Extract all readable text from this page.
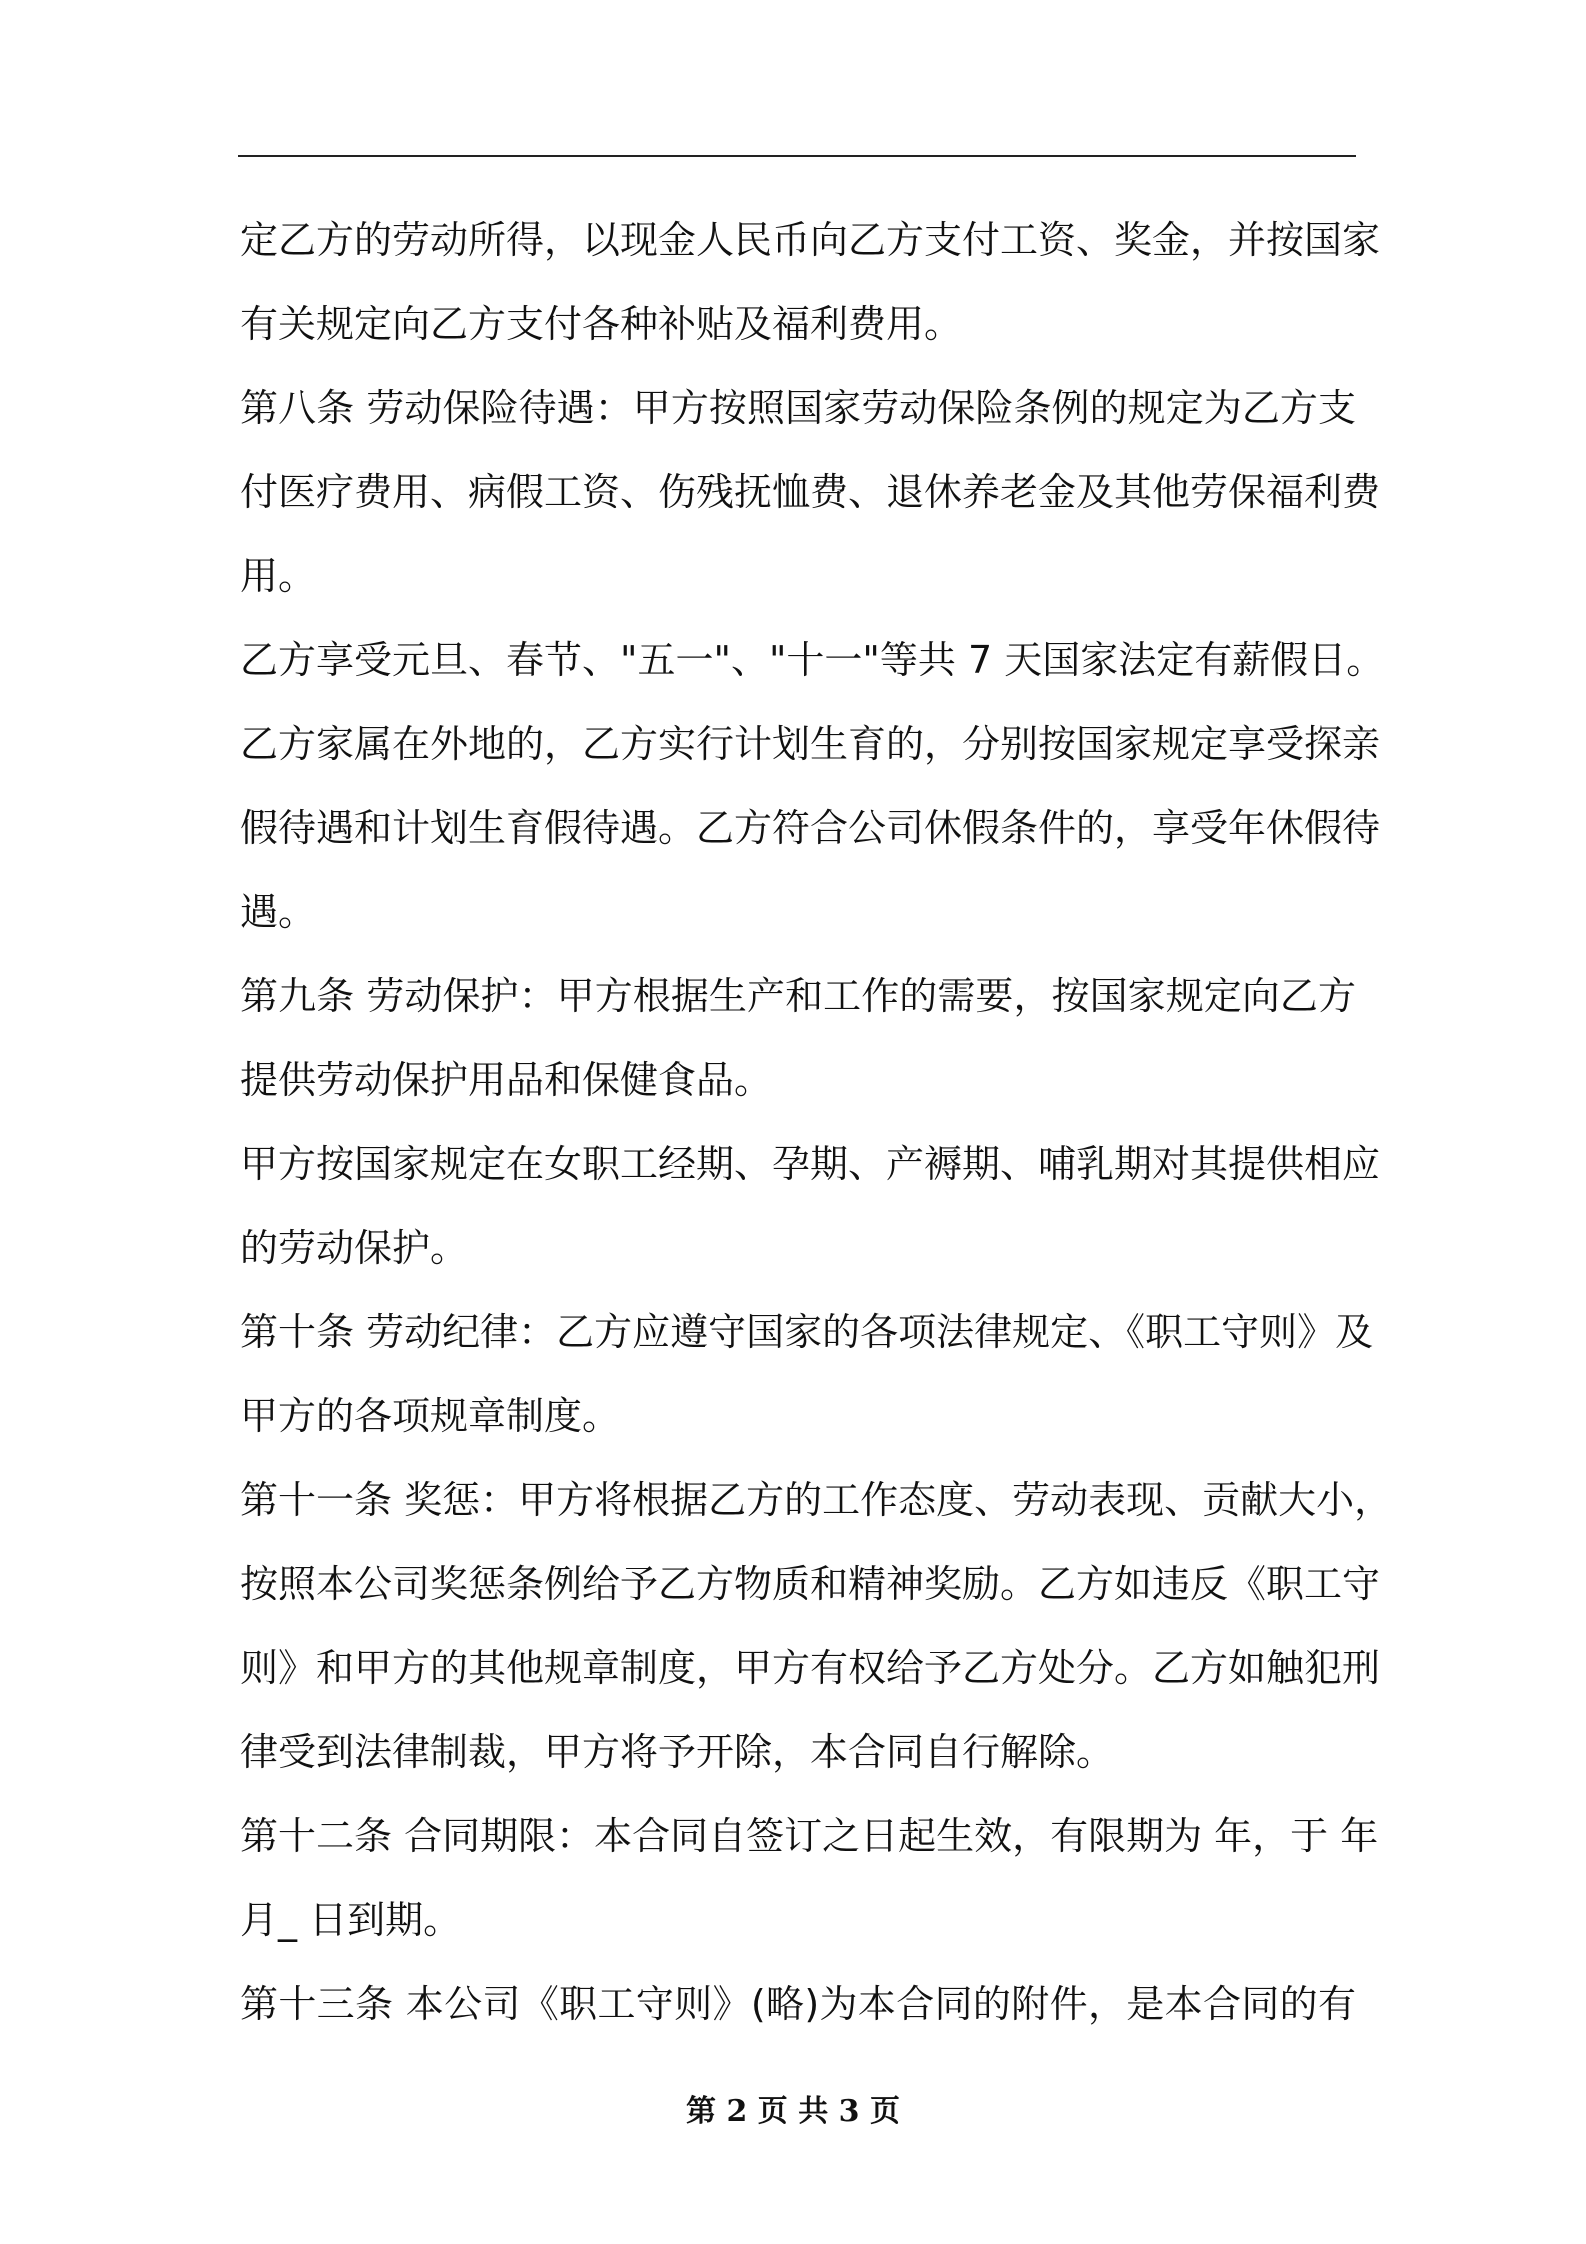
定乙方的劳动所得，以现金人民币向乙方支付工资、奖金，并按国家
有关规定向乙方支付各种补贴及福利费用。
第八条 劳动保险待遇：甲方按照国家劳动保险条例的规定为乙方支
付医疗费用、病假工资、伤残抚恤费、退休养老金及其他劳保福利费
用。
乙方享受元旦、春节、"五一"、"十一"等共 7 天国家法定有薪假日。
乙方家属在外地的，乙方实行计划生育的，分别按国家规定享受探亲
假待遇和计划生育假待遇。乙方符合公司休假条件的，享受年休假待
遇。
第九条 劳动保护：甲方根据生产和工作的需要，按国家规定向乙方
提供劳动保护用品和保健食品。
甲方按国家规定在女职工经期、孕期、产褥期、哺乳期对其提供相应
的劳动保护。
第十条 劳动纪律：乙方应遵守国家的各项法律规定、《职工守则》及
甲方的各项规章制度。
第十一条 奖惩：甲方将根据乙方的工作态度、劳动表现、贡献大小，
按照本公司奖惩条例给予乙方物质和精神奖励。乙方如违反《职工守
则》和甲方的其他规章制度，甲方有权给予乙方处分。乙方如触犯刑
律受到法律制裁，甲方将予开除，本合同自行解除。
第十二条 合同期限：本合同自签订之日起生效，有限期为 年，于 年
月_ 日到期。
第十三条 本公司《职工守则》(略)为本合同的附件，是本合同的有
第 2 页 共 3 页
